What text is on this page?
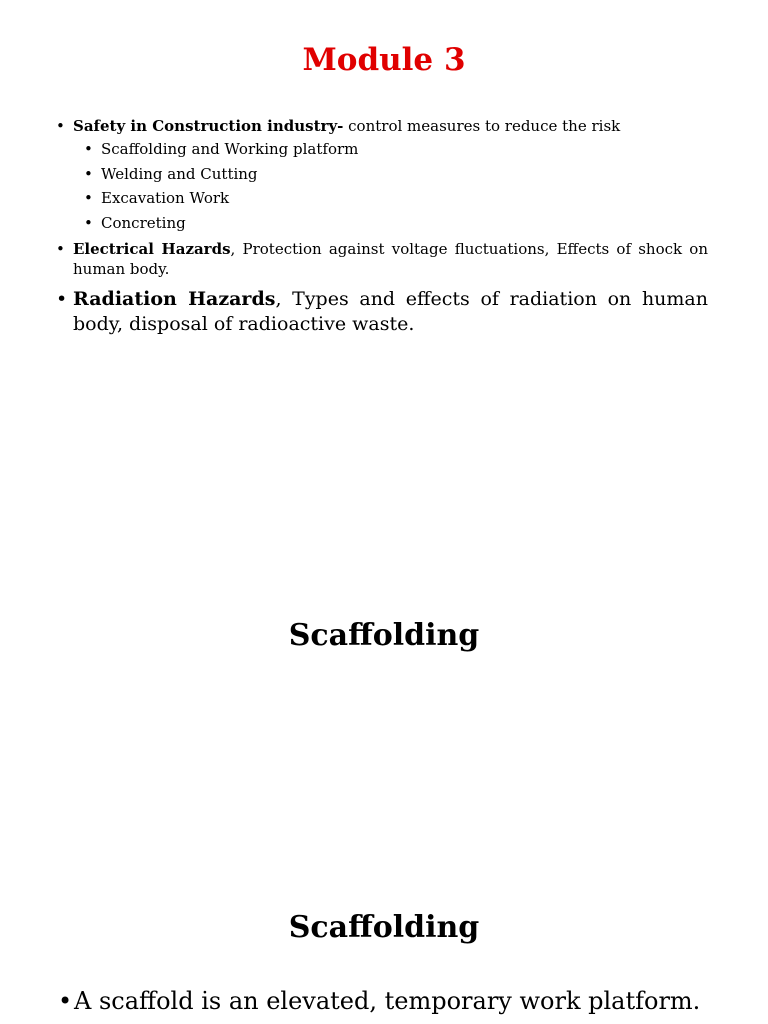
Module 3
• Safety in Construction industry- control measures to reduce the risk
• Scaffolding and Working platform
• Welding and Cutting
• Excavation Work
• Concreting
• Electrical Hazards, Protection against voltage fluctuations, Effects of shock on human body.
• Radiation Hazards, Types and effects of radiation on human body, disposal of radioactive waste.
Scaffolding
Scaffolding
• A scaffold is an elevated, temporary work platform.
